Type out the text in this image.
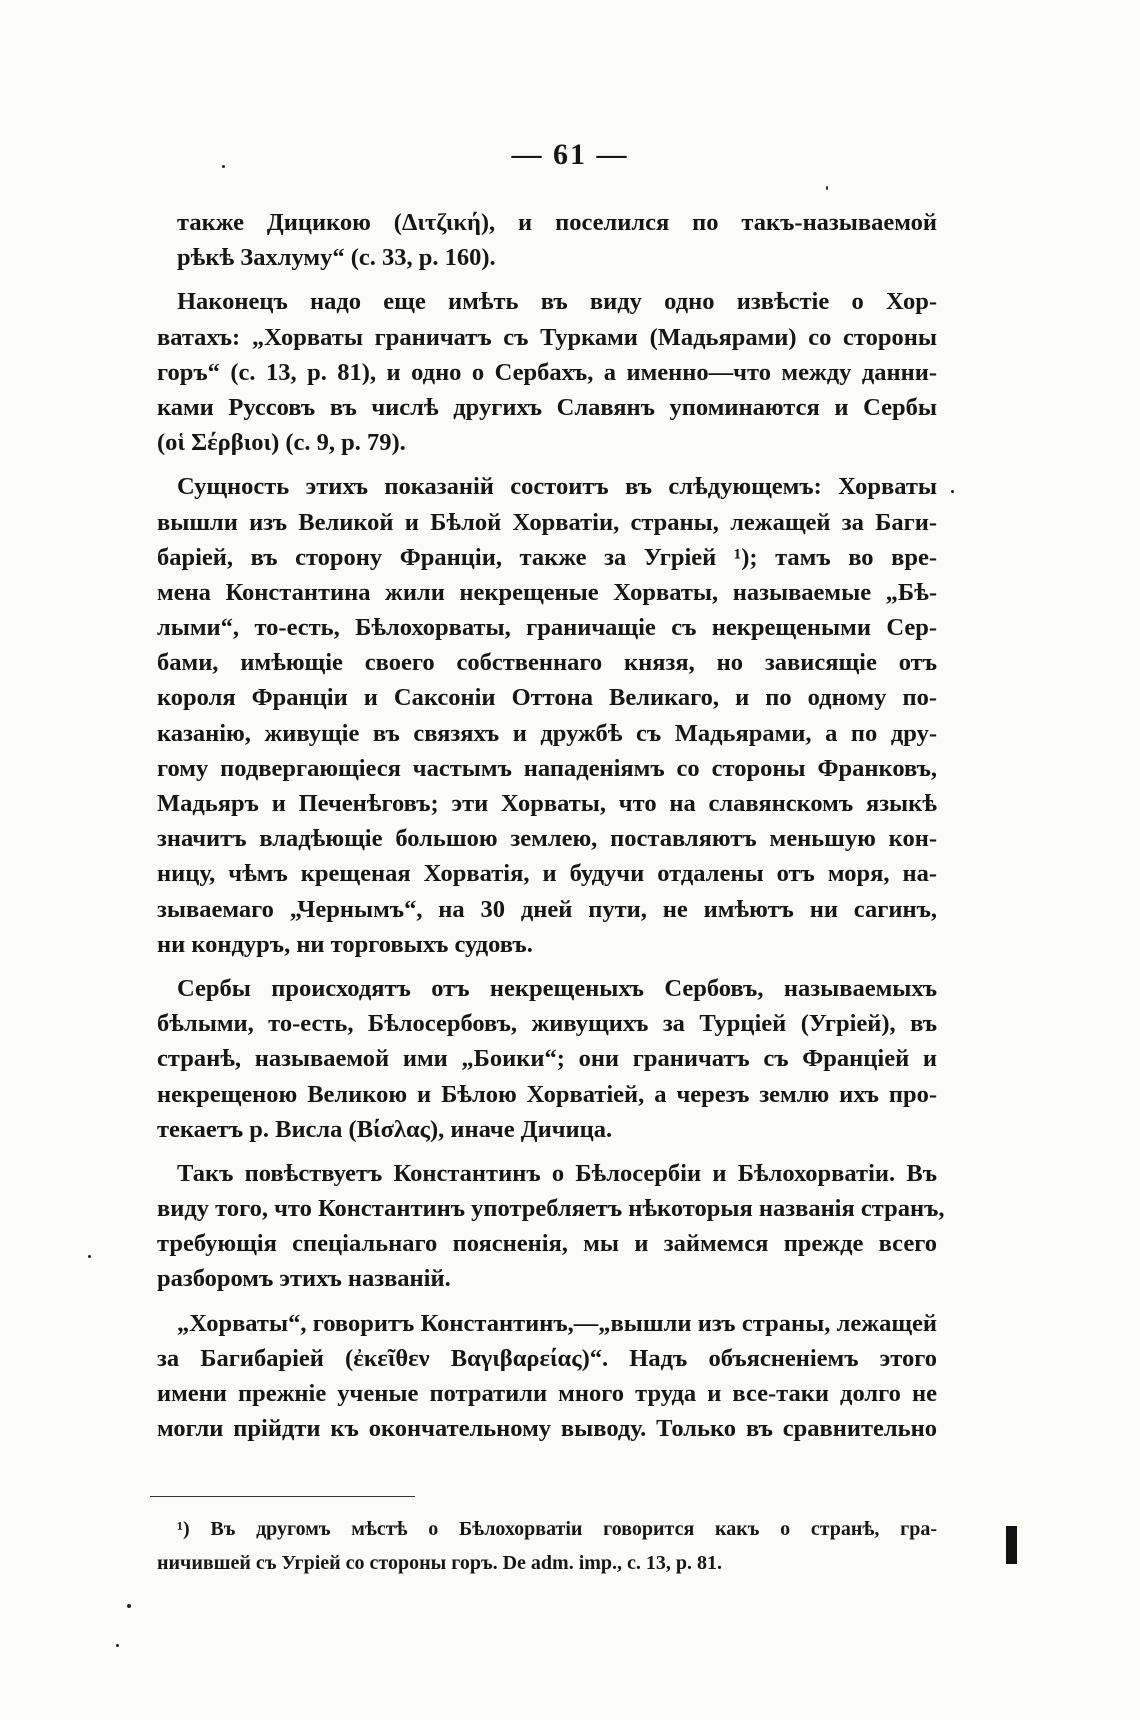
— 61 —
также Дицикою (Διτζική), и поселился по такъ-называемой
рѣкѣ Захлуму“ (с. 33, р. 160).
Наконецъ надо еще имѣть въ виду одно извѣстіе о Хор-
ватахъ: „Хорваты граничатъ съ Турками (Мадьярами) со стороны
горъ“ (с. 13, р. 81), и одно о Сербахъ, а именно—что между данни-
ками Руссовъ въ числѣ другихъ Славянъ упоминаются и Сербы
(οἱ Σέρβιοι) (с. 9, р. 79).
Сущность этихъ показаній состоитъ въ слѣдующемъ: Хорваты
вышли изъ Великой и Бѣлой Хорватіи, страны, лежащей за Баги-
баріей, въ сторону Франціи, также за Угріей ¹); тамъ во вре-
мена Константина жили некрещеные Хорваты, называемые „Бѣ-
лыми“, то-есть, Бѣлохорваты, граничащіе съ некрещеными Сер-
бами, имѣющіе своего собственнаго князя, но зависящіе отъ
короля Франціи и Саксоніи Оттона Великаго, и по одному по-
казанію, живущіе въ связяхъ и дружбѣ съ Мадьярами, а по дру-
гому подвергающіеся частымъ нападеніямъ со стороны Франковъ,
Мадьяръ и Печенѣговъ; эти Хорваты, что на славянскомъ языкѣ
значитъ владѣющіе большою землею, поставляютъ меньшую кон-
ницу, чѣмъ крещеная Хорватія, и будучи отдалены отъ моря, на-
зываемаго „Чернымъ“, на 30 дней пути, не имѣютъ ни сагинъ,
ни кондуръ, ни торговыхъ судовъ.
Сербы происходятъ отъ некрещеныхъ Сербовъ, называемыхъ
бѣлыми, то-есть, Бѣлосербовъ, живущихъ за Турціей (Угріей), въ
странѣ, называемой ими „Боики“; они граничатъ съ Франціей и
некрещеною Великою и Бѣлою Хорватіей, а черезъ землю ихъ про-
текаетъ р. Висла (Βίσλας), иначе Дичица.
Такъ повѣствуетъ Константинъ о Бѣлосербіи и Бѣлохорватіи. Въ
виду того, что Константинъ употребляетъ нѣкоторыя названія странъ,
требующія спеціальнаго поясненія, мы и займемся прежде всего
разборомъ этихъ названій.
„Хорваты“, говоритъ Константинъ,—„вышли изъ страны, лежащей
за Багибаріей (ἐκεῖθεν Βαγιβαρείας)“. Надъ объясненіемъ этого
имени прежніе ученые потратили много труда и все-таки долго не
могли прійдти къ окончательному выводу. Только въ сравнительно
¹) Въ другомъ мѣстѣ о Бѣлохорватіи говорится какъ о странѣ, гра-
ничившей съ Угріей со стороны горъ. De adm. imp., с. 13, р. 81.
